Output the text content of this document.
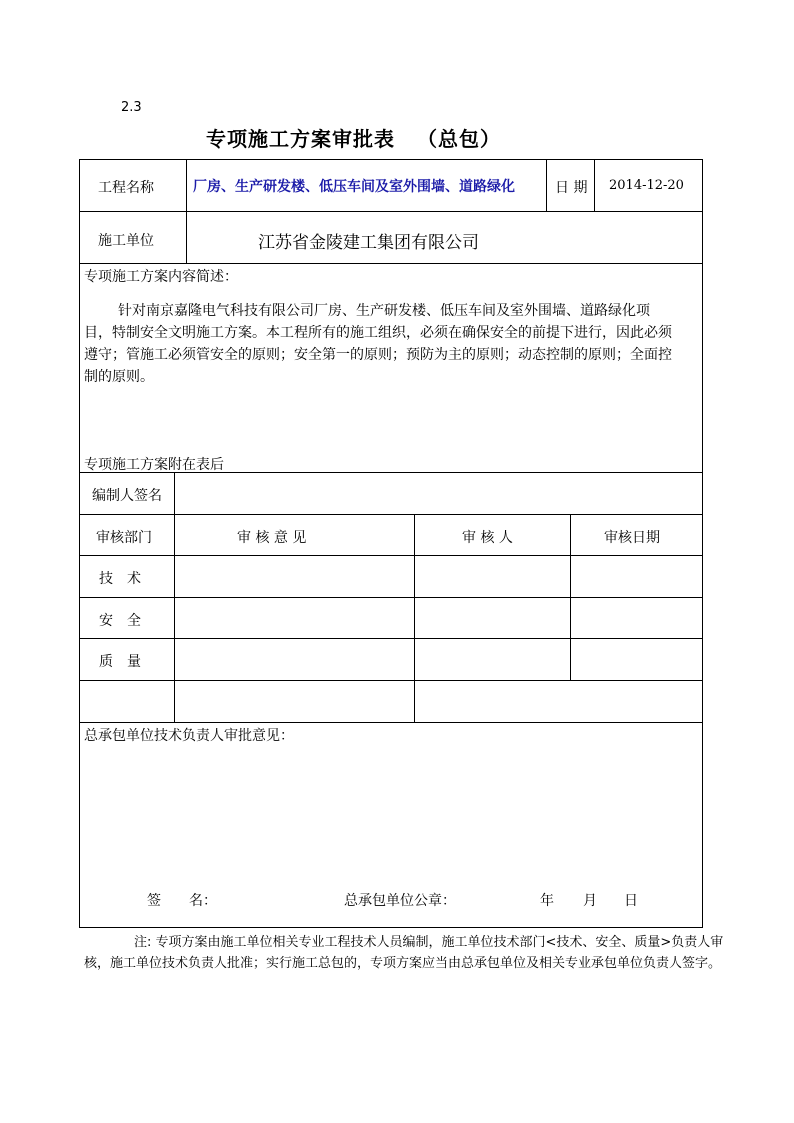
2.3
专项施工方案审批表 （总包）
工程名称	厂房、生产研发楼、低压车间及室外围墙、道路绿化	日 期 2014-12-20
施工单位	江苏省金陵建工集团有限公司
专项施工方案内容简述：
针对南京嘉隆电气科技有限公司厂房、生产研发楼、低压车间及室外围墙、道路绿化项目，特制安全文明施工方案。本工程所有的施工组织，必须在确保安全的前提下进行，因此必须遵守；管施工必须管安全的原则；安全第一的原则；预防为主的原则；动态控制的原则；全面控制的原则。
专项施工方案附在表后
编制人签名
审核部门	审 核 意 见	审 核 人	审核日期
技　术
安　全
质　量
总承包单位技术负责人审批意见：
签　　名：	总承包单位公章：	年 月 日
注: 专项方案由施工单位相关专业工程技术人员编制，施工单位技术部门<技术、安全、质量>负责人审核，施工单位技术负责人批准；实行施工总包的，专项方案应当由总承包单位及相关专业承包单位负责人签字。
